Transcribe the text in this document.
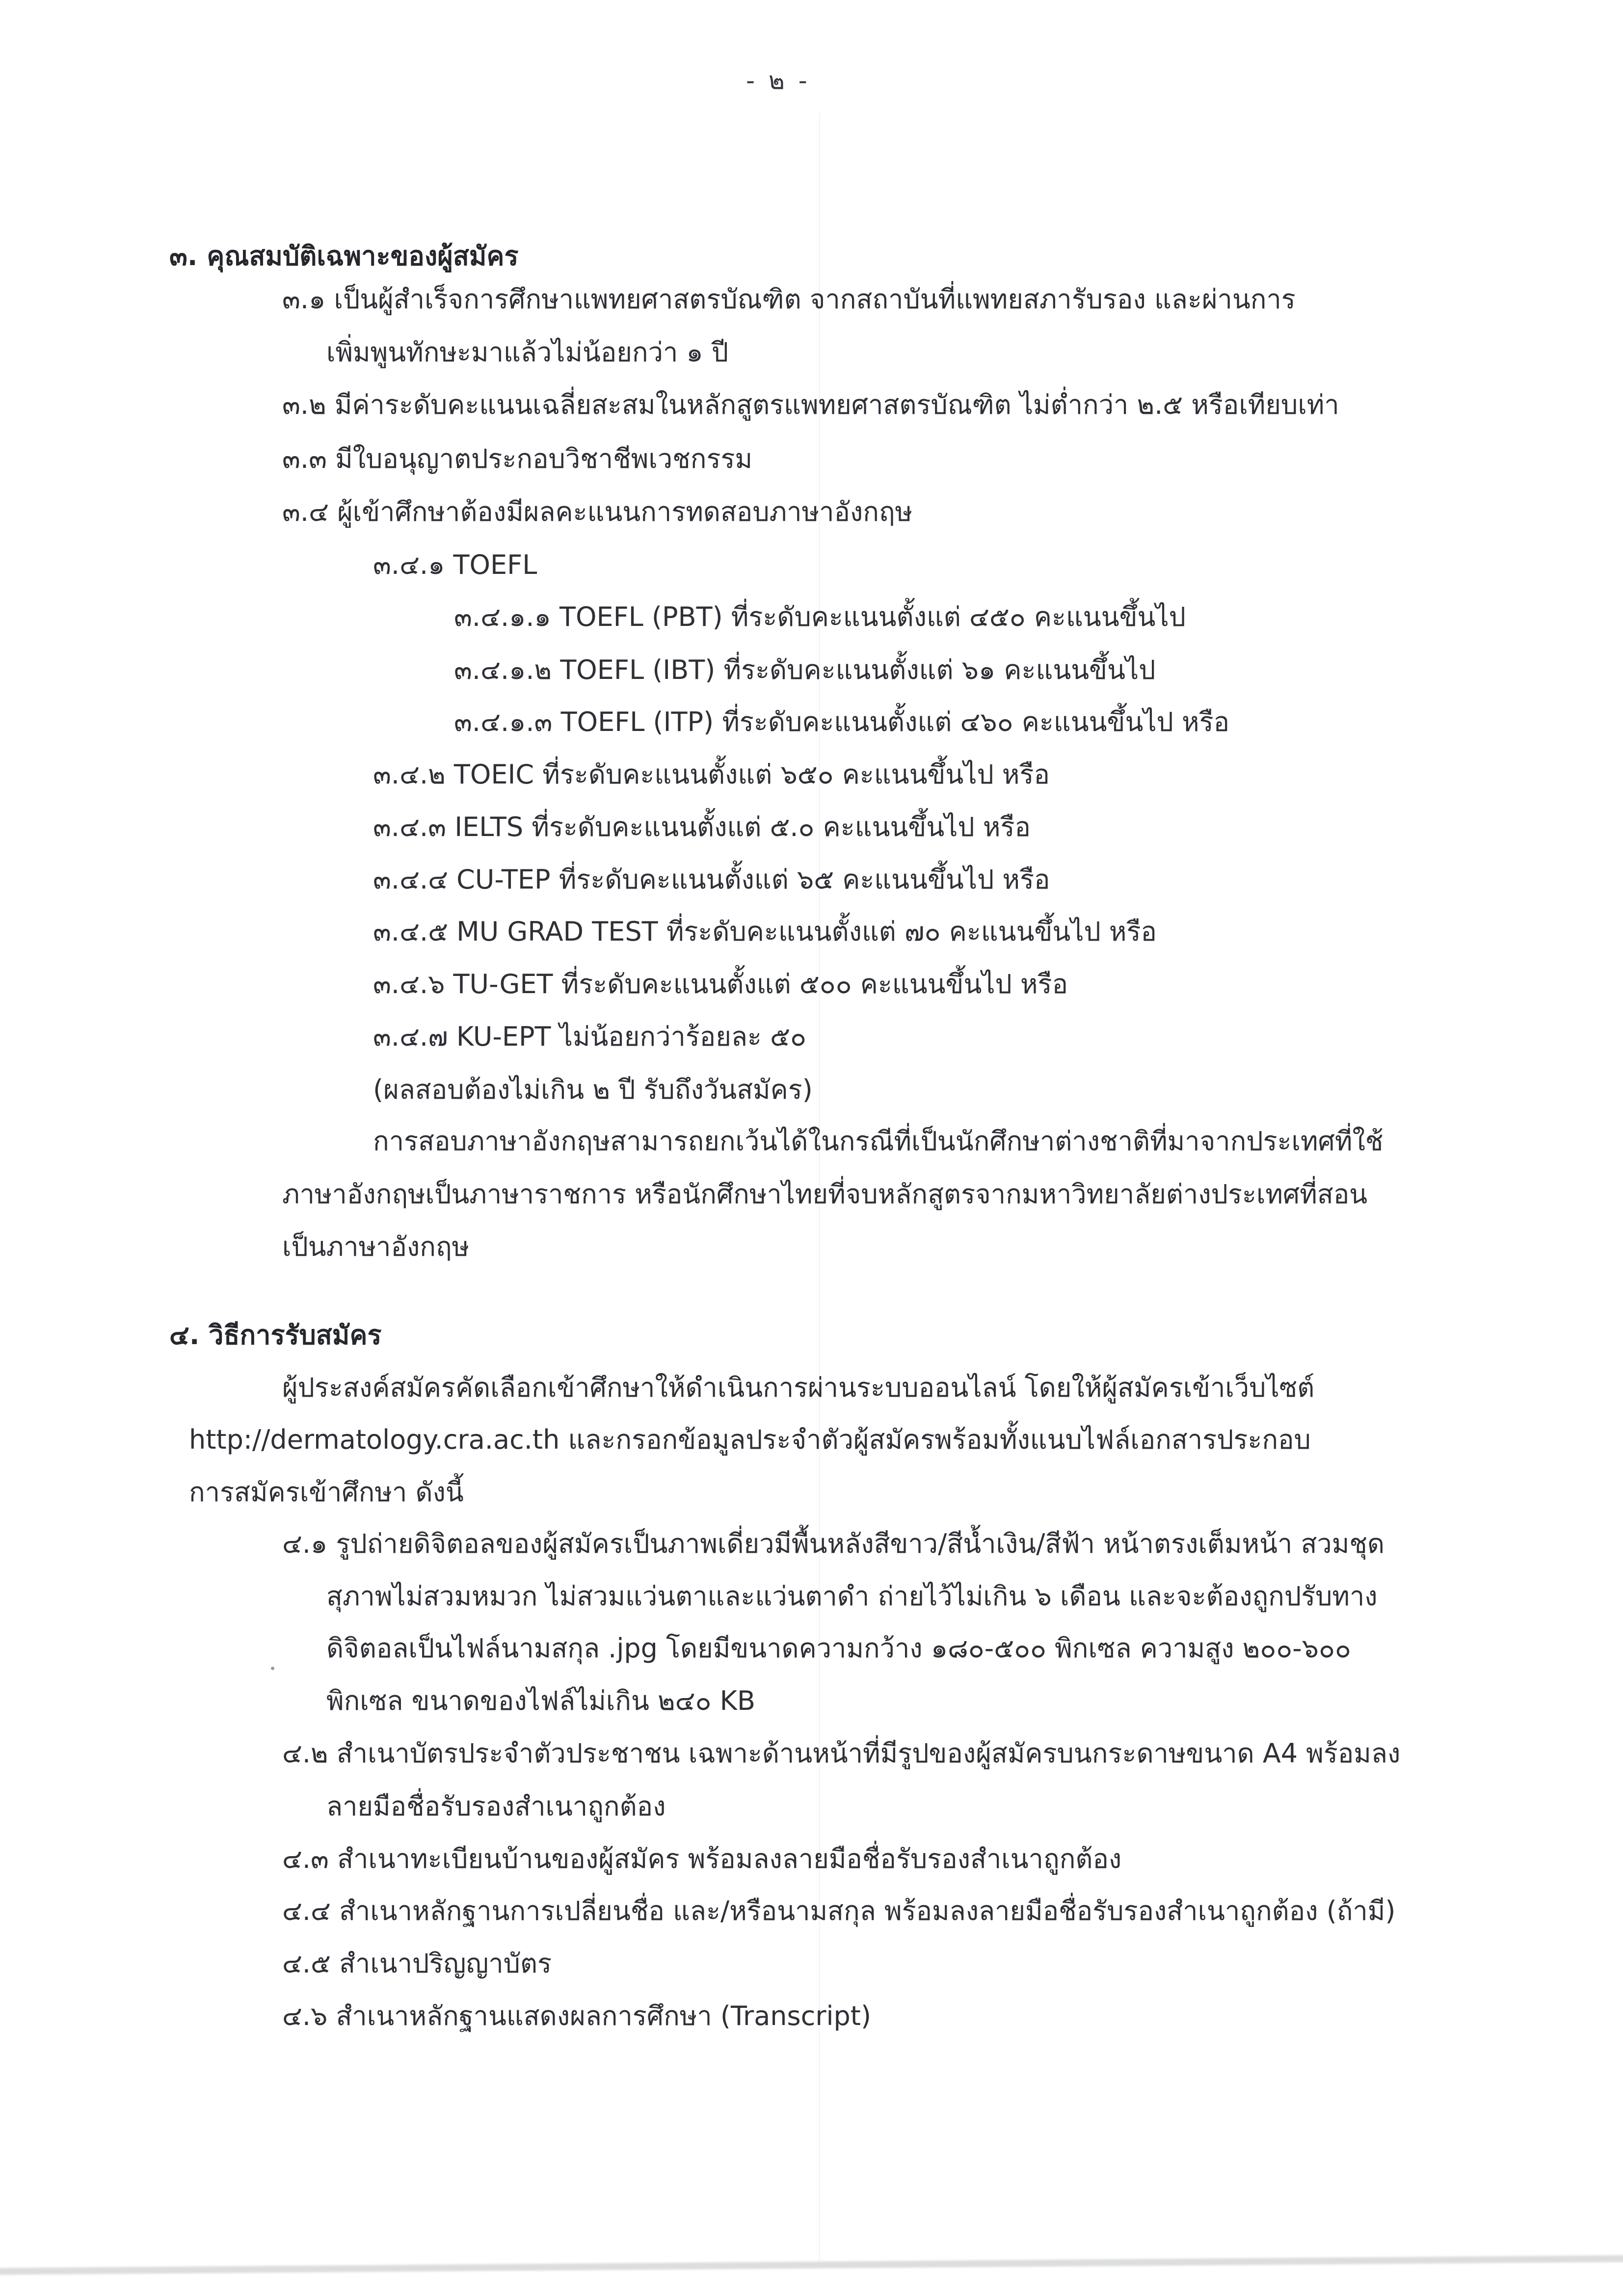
- ๒ -
๓. คุณสมบัติเฉพาะของผู้สมัคร
๓.๑ เป็นผู้สำเร็จการศึกษาแพทยศาสตรบัณฑิต จากสถาบันที่แพทยสภารับรอง และผ่านการ
เพิ่มพูนทักษะมาแล้วไม่น้อยกว่า ๑ ปี
๓.๒ มีค่าระดับคะแนนเฉลี่ยสะสมในหลักสูตรแพทยศาสตรบัณฑิต ไม่ต่ำกว่า ๒.๕ หรือเทียบเท่า
๓.๓ มีใบอนุญาตประกอบวิชาชีพเวชกรรม
๓.๔ ผู้เข้าศึกษาต้องมีผลคะแนนการทดสอบภาษาอังกฤษ
๓.๔.๑ TOEFL
๓.๔.๑.๑ TOEFL (PBT) ที่ระดับคะแนนตั้งแต่ ๔๕๐ คะแนนขึ้นไป
๓.๔.๑.๒ TOEFL (IBT) ที่ระดับคะแนนตั้งแต่ ๖๑ คะแนนขึ้นไป
๓.๔.๑.๓ TOEFL (ITP) ที่ระดับคะแนนตั้งแต่ ๔๖๐ คะแนนขึ้นไป หรือ
๓.๔.๒ TOEIC ที่ระดับคะแนนตั้งแต่ ๖๕๐ คะแนนขึ้นไป หรือ
๓.๔.๓ IELTS ที่ระดับคะแนนตั้งแต่ ๕.๐ คะแนนขึ้นไป หรือ
๓.๔.๔ CU-TEP ที่ระดับคะแนนตั้งแต่ ๖๕ คะแนนขึ้นไป หรือ
๓.๔.๕ MU GRAD TEST ที่ระดับคะแนนตั้งแต่ ๗๐ คะแนนขึ้นไป หรือ
๓.๔.๖ TU-GET ที่ระดับคะแนนตั้งแต่ ๕๐๐ คะแนนขึ้นไป หรือ
๓.๔.๗ KU-EPT ไม่น้อยกว่าร้อยละ ๕๐
(ผลสอบต้องไม่เกิน ๒ ปี รับถึงวันสมัคร)
การสอบภาษาอังกฤษสามารถยกเว้นได้ในกรณีที่เป็นนักศึกษาต่างชาติที่มาจากประเทศที่ใช้
ภาษาอังกฤษเป็นภาษาราชการ หรือนักศึกษาไทยที่จบหลักสูตรจากมหาวิทยาลัยต่างประเทศที่สอน
เป็นภาษาอังกฤษ
๔. วิธีการรับสมัคร
ผู้ประสงค์สมัครคัดเลือกเข้าศึกษาให้ดำเนินการผ่านระบบออนไลน์ โดยให้ผู้สมัครเข้าเว็บไซต์
http://dermatology.cra.ac.th และกรอกข้อมูลประจำตัวผู้สมัครพร้อมทั้งแนบไฟล์เอกสารประกอบ
การสมัครเข้าศึกษา ดังนี้
๔.๑ รูปถ่ายดิจิตอลของผู้สมัครเป็นภาพเดี่ยวมีพื้นหลังสีขาว/สีน้ำเงิน/สีฟ้า หน้าตรงเต็มหน้า สวมชุด
สุภาพไม่สวมหมวก ไม่สวมแว่นตาและแว่นตาดำ ถ่ายไว้ไม่เกิน ๖ เดือน และจะต้องถูกปรับทาง
ดิจิตอลเป็นไฟล์นามสกุล .jpg โดยมีขนาดความกว้าง ๑๘๐-๕๐๐ พิกเซล ความสูง ๒๐๐-๖๐๐
พิกเซล ขนาดของไฟล์ไม่เกิน ๒๔๐ KB
๔.๒ สำเนาบัตรประจำตัวประชาชน เฉพาะด้านหน้าที่มีรูปของผู้สมัครบนกระดาษขนาด A4 พร้อมลง
ลายมือชื่อรับรองสำเนาถูกต้อง
๔.๓ สำเนาทะเบียนบ้านของผู้สมัคร พร้อมลงลายมือชื่อรับรองสำเนาถูกต้อง
๔.๔ สำเนาหลักฐานการเปลี่ยนชื่อ และ/หรือนามสกุล พร้อมลงลายมือชื่อรับรองสำเนาถูกต้อง (ถ้ามี)
๔.๕ สำเนาปริญญาบัตร
๔.๖ สำเนาหลักฐานแสดงผลการศึกษา (Transcript)
